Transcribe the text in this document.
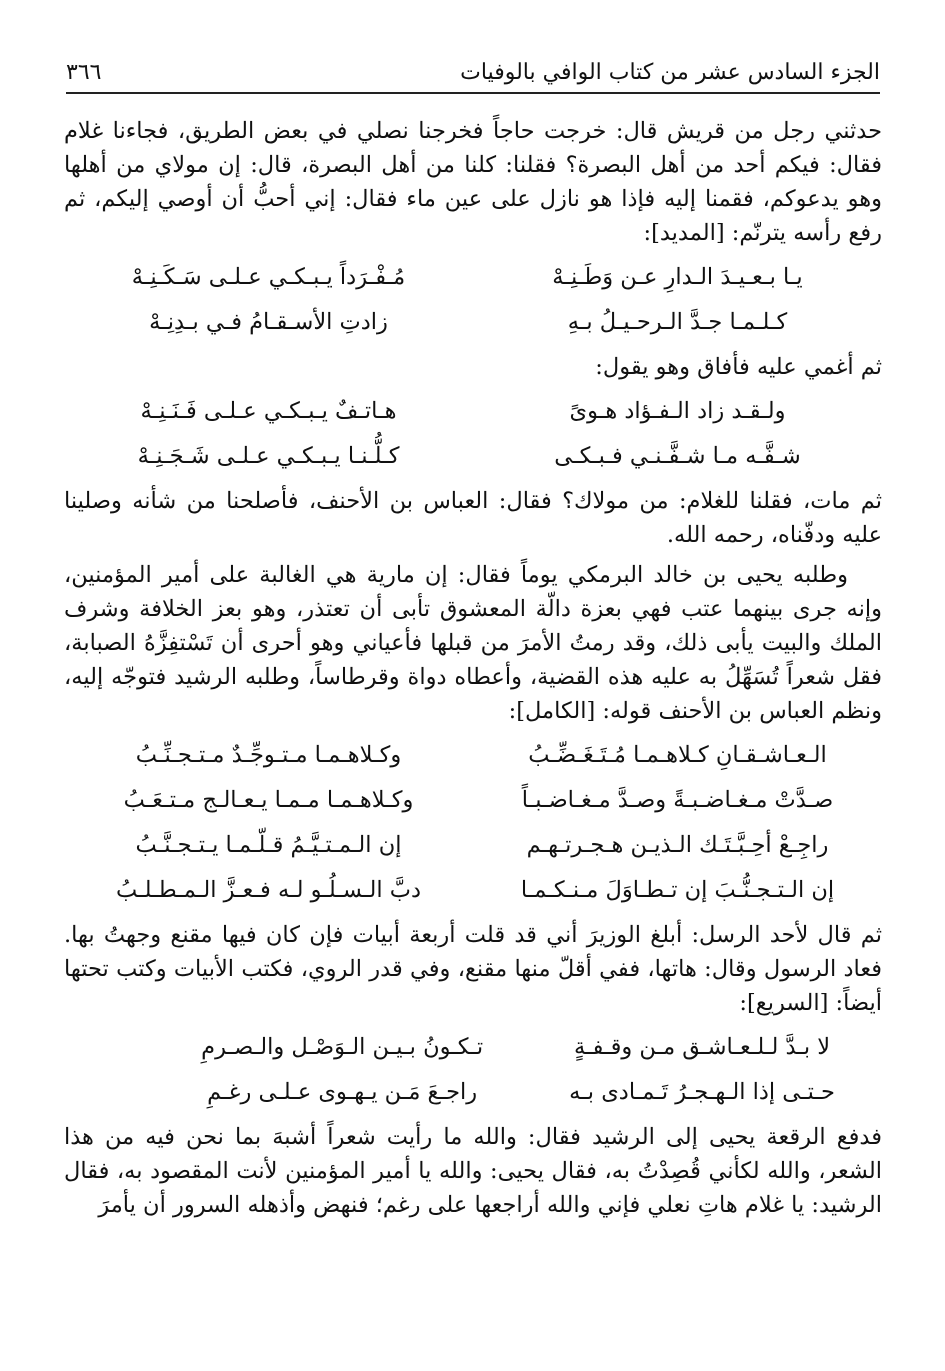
الجزء السادس عشر من كتاب الوافي بالوفيات
٣٦٦

حدثني رجل من قريش قال: خرجت حاجاً فخرجنا نصلي في بعض الطريق، فجاءنا غلام فقال: فيكم أحد من أهل البصرة؟ فقلنا: كلنا من أهل البصرة، قال: إن مولاي من أهلها وهو يدعوكم، فقمنا إليه فإذا هو نازل على عين ماء فقال: إني أحبُّ أن أوصي إليكم، ثم رفع رأسه يترنّم: [المديد]:

يـا بـعـيـدَ الـدارِ عـن وَطَـنِـهْ
مُـفْـرَداً يـبـكـي عـلـى سَـكَـنِـهْ
كـلـمـا جـدَّ الـرحـيـلُ بـهِ
زادتِ الأسـقـامُ فـي بـدِنِـهْ

ثم أغمي عليه فأفاق وهو يقول:

ولـقـد زاد الـفـؤاد هـوىً
هـاتـفٌ يـبـكـي عـلـى فَـنَـنِـهْ
شـفَّـه مـا شـفَّـنـي فـبـكـى
كـلُّـنـا يـبـكـي عـلـى شَـجَـنِـهْ

ثم مات، فقلنا للغلام: من مولاك؟ فقال: العباس بن الأحنف، فأصلحنا من شأنه وصلينا عليه ودفّناه، رحمه الله.

وطلبه يحيى بن خالد البرمكي يوماً فقال: إن مارية هي الغالبة على أمير المؤمنين، وإنه جرى بينهما عتب فهي بعزة دالّة المعشوق تأبى أن تعتذر، وهو بعز الخلافة وشرف الملك والبيت يأبى ذلك، وقد رمتُ الأمرَ من قبلها فأعياني وهو أحرى أن تَسْتفِزَّهُ الصبابة، فقل شعراً تُسَهِّلُ به عليه هذه القضية، وأعطاه دواة وقرطاساً، وطلبه الرشيد فتوجّه إليه، ونظم العباس بن الأحنف قوله: [الكامل]:

الـعـاشـقـانِ كـلاهـمـا مُـتَـغَـضِّـبُ
وكـلاهـمـا مـتـوجِّـدٌ مـتـجـنِّـبُ
صـدَّتْ مـغـاضـبـةً وصـدَّ مـغـاضـبـاً
وكـلاهـمـا مـمـا يـعـالـج مـتـعَـبُ
راجِـعْ أحِـبَّـتَـك الـذيـن هـجـرتـهـم
إن الـمـتـيَّـمُ قـلّـمـا يـتـجـنَّـبُ
إن الـتـجـنُّـبَ إن تـطـاوَلَ مـنـكـمـا
دبَّ الـسـلُـو لـه فـعـزَّ الـمـطـلـبُ

ثم قال لأحد الرسل: أبلغ الوزيرَ أني قد قلت أربعة أبيات فإن كان فيها مقنع وجهتُ بها. فعاد الرسول وقال: هاتها، ففي أقلّ منها مقنع، وفي قدر الروي، فكتب الأبيات وكتب تحتها أيضاً: [السريع]:

لا بـدَّ لـلـعـاشـق مـن وقـفـةٍ
تـكـونُ بـيـن الـوَصْـل والـصـرمِ
حـتـى إذا الـهـجـرُ تَـمـادى بـه
راجـعَ مَـن يـهـوى عـلـى رغـمِ

فدفع الرقعة يحيى إلى الرشيد فقال: والله ما رأيت شعراً أشبهَ بما نحن فيه من هذا الشعر، والله لكأني قُصِدْتُ به، فقال يحيى: والله يا أمير المؤمنين لأنت المقصود به، فقال الرشيد: يا غلام هاتِ نعلي فإني والله أراجعها على رغم؛ فنهض وأذهله السرور أن يأمرَ
